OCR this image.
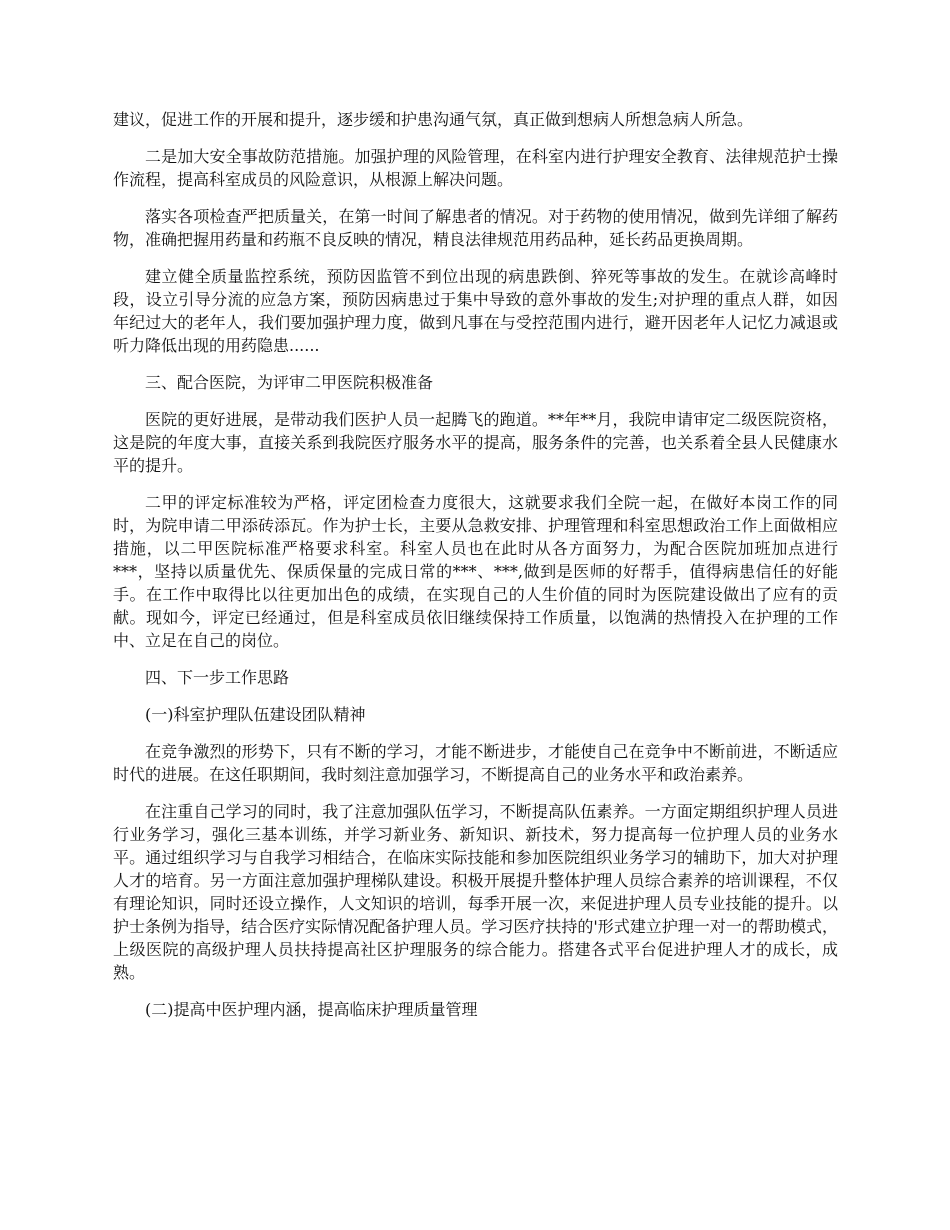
建议，促进工作的开展和提升，逐步缓和护患沟通气氛，真正做到想病人所想急病人所急。

二是加大安全事故防范措施。加强护理的风险管理，在科室内进行护理安全教育、法律规范护士操作流程，提高科室成员的风险意识，从根源上解决问题。

落实各项检查严把质量关，在第一时间了解患者的情况。对于药物的使用情况，做到先详细了解药物，准确把握用药量和药瓶不良反映的情况，精良法律规范用药品种，延长药品更换周期。

建立健全质量监控系统，预防因监管不到位出现的病患跌倒、猝死等事故的发生。在就诊高峰时段，设立引导分流的应急方案，预防因病患过于集中导致的意外事故的发生;对护理的重点人群，如因年纪过大的老年人，我们要加强护理力度，做到凡事在与受控范围内进行，避开因老年人记忆力减退或听力降低出现的用药隐患......

三、配合医院，为评审二甲医院积极准备

医院的更好进展，是带动我们医护人员一起腾飞的跑道。**年**月，我院申请审定二级医院资格，这是院的年度大事，直接关系到我院医疗服务水平的提高，服务条件的完善，也关系着全县人民健康水平的提升。

二甲的评定标准较为严格，评定团检查力度很大，这就要求我们全院一起，在做好本岗工作的同时，为院申请二甲添砖添瓦。作为护士长，主要从急救安排、护理管理和科室思想政治工作上面做相应措施，以二甲医院标准严格要求科室。科室人员也在此时从各方面努力，为配合医院加班加点进行***，坚持以质量优先、保质保量的完成日常的***、***,做到是医师的好帮手，值得病患信任的好能手。在工作中取得比以往更加出色的成绩，在实现自己的人生价值的同时为医院建设做出了应有的贡献。现如今，评定已经通过，但是科室成员依旧继续保持工作质量，以饱满的热情投入在护理的工作中、立足在自己的岗位。

四、下一步工作思路

(一)科室护理队伍建设团队精神

在竞争激烈的形势下，只有不断的学习，才能不断进步，才能使自己在竞争中不断前进，不断适应时代的进展。在这任职期间，我时刻注意加强学习，不断提高自己的业务水平和政治素养。

在注重自己学习的同时，我了注意加强队伍学习，不断提高队伍素养。一方面定期组织护理人员进行业务学习，强化三基本训练，并学习新业务、新知识、新技术，努力提高每一位护理人员的业务水平。通过组织学习与自我学习相结合，在临床实际技能和参加医院组织业务学习的辅助下，加大对护理人才的培育。另一方面注意加强护理梯队建设。积极开展提升整体护理人员综合素养的培训课程，不仅有理论知识，同时还设立操作，人文知识的培训，每季开展一次，来促进护理人员专业技能的提升。以护士条例为指导，结合医疗实际情况配备护理人员。学习医疗扶持的'形式建立护理一对一的帮助模式，上级医院的高级护理人员扶持提高社区护理服务的综合能力。搭建各式平台促进护理人才的成长，成熟。

(二)提高中医护理内涵，提高临床护理质量管理
